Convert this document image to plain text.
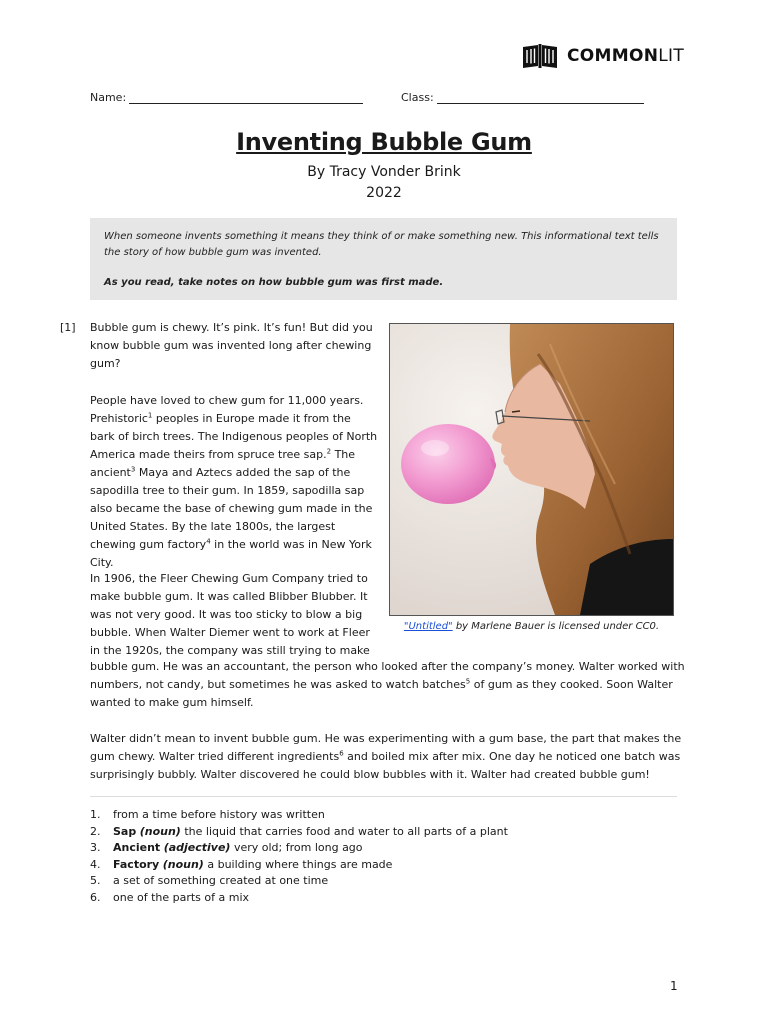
COMMONLIT
Name:	Class:
Inventing Bubble Gum
By Tracy Vonder Brink
2022
When someone invents something it means they think of or make something new. This informational text tells the story of how bubble gum was invented.
As you read, take notes on how bubble gum was first made.
[1] Bubble gum is chewy. It’s pink. It’s fun! But did you know bubble gum was invented long after chewing gum?
People have loved to chew gum for 11,000 years. Prehistoric$^1$ peoples in Europe made it from the bark of birch trees. The Indigenous peoples of North America made theirs from spruce tree sap.$^2$ The ancient$^3$ Maya and Aztecs added the sap of the sapodilla tree to their gum. In 1859, sapodilla sap also became the base of chewing gum made in the United States. By the late 1800s, the largest chewing gum factory$^4$ in the world was in New York City.
In 1906, the Fleer Chewing Gum Company tried to make bubble gum. It was called Blibber Blubber. It was not very good. It was too sticky to blow a big bubble. When Walter Diemer went to work at Fleer in the 1920s, the company was still trying to make
bubble gum. He was an accountant, the person who looked after the company’s money. Walter worked with numbers, not candy, but sometimes he was asked to watch batches$^5$ of gum as they cooked. Soon Walter wanted to make gum himself.
Walter didn’t mean to invent bubble gum. He was experimenting with a gum base, the part that makes the gum chewy. Walter tried different ingredients$^6$ and boiled mix after mix. One day he noticed one batch was surprisingly bubbly. Walter discovered he could blow bubbles with it. Walter had created bubble gum!
"Untitled" by Marlene Bauer is licensed under CC0.
1.	from a time before history was written
2.	Sap (noun) the liquid that carries food and water to all parts of a plant
3.	Ancient (adjective) very old; from long ago
4.	Factory (noun) a building where things are made
5.	a set of something created at one time
6.	one of the parts of a mix
1
